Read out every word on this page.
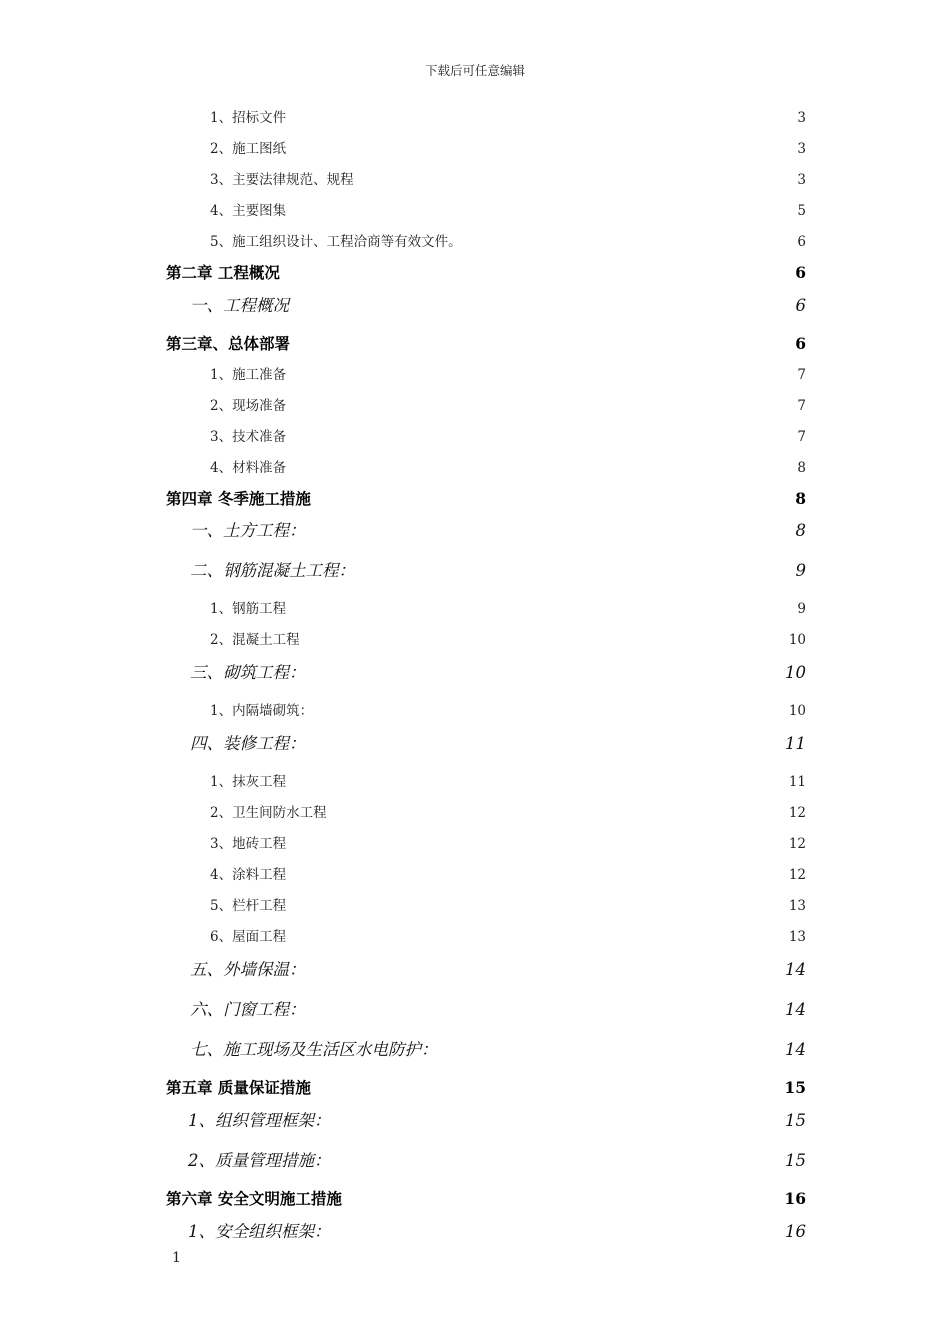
下载后可任意编辑
1、招标文件	3
2、施工图纸	3
3、主要法律规范、规程	3
4、主要图集	5
5、施工组织设计、工程洽商等有效文件。	6
第二章 工程概况	6
一、工程概况	6
第三章、总体部署	6
1、施工准备	7
2、现场准备	7
3、技术准备	7
4、材料准备	8
第四章 冬季施工措施	8
一、土方工程：	8
二、钢筋混凝土工程：	9
1、钢筋工程	9
2、混凝土工程	10
三、砌筑工程：	10
1、内隔墙砌筑：	10
四、装修工程：	11
1、抹灰工程	11
2、卫生间防水工程	12
3、地砖工程	12
4、涂料工程	12
5、栏杆工程	13
6、屋面工程	13
五、外墙保温：	14
六、门窗工程：	14
七、施工现场及生活区水电防护：	14
第五章 质量保证措施	15
1、组织管理框架：	15
2、质量管理措施：	15
第六章 安全文明施工措施	16
1、安全组织框架：	16
1
